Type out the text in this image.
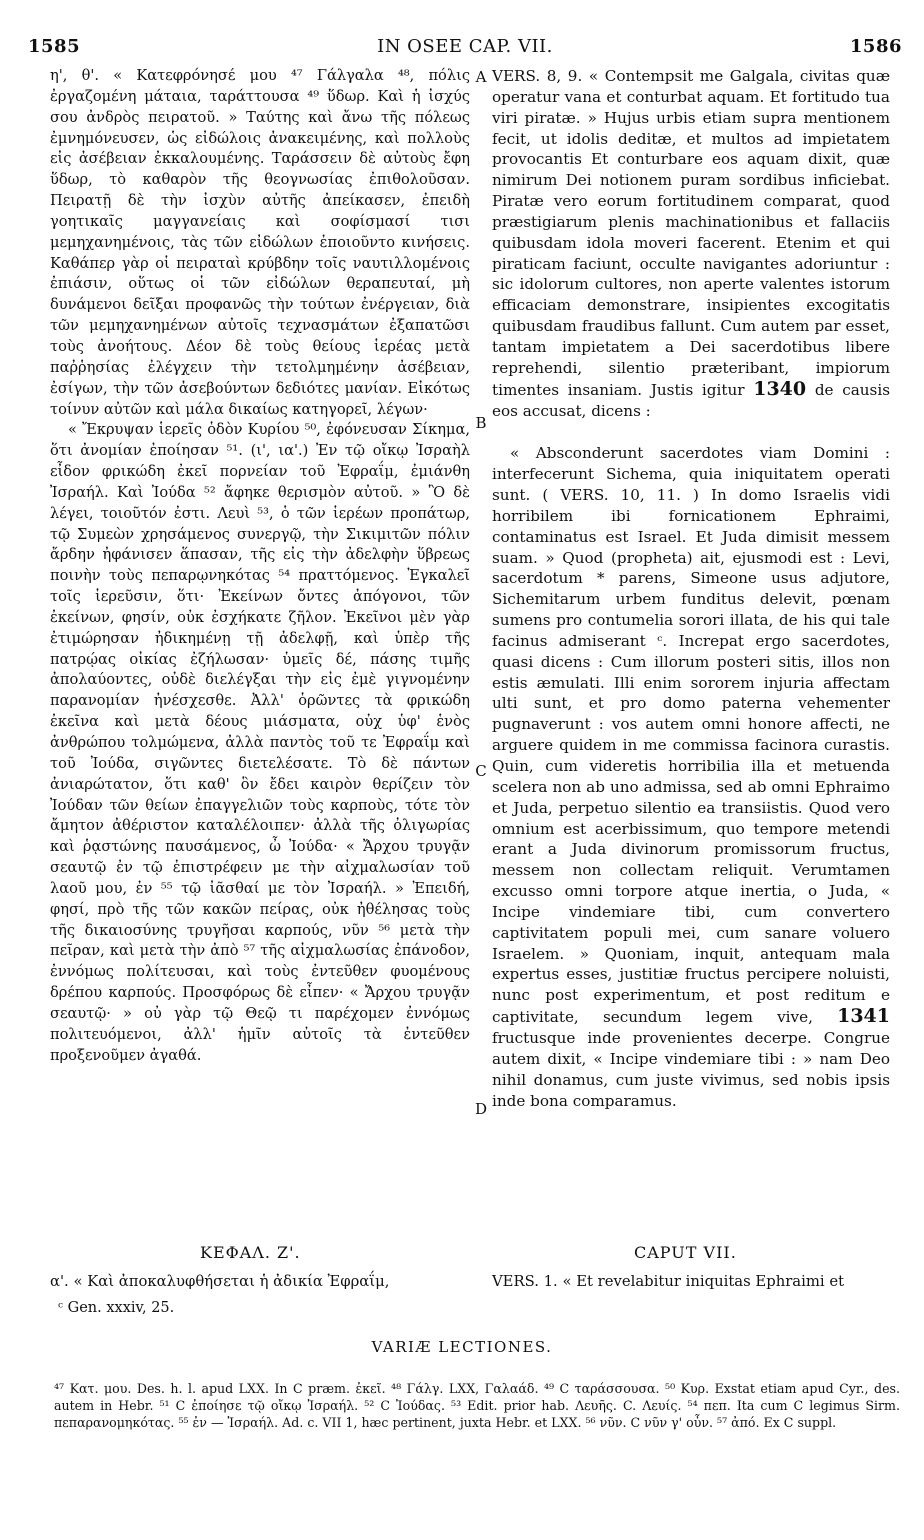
1585	IN OSEE CAP. VII.	1586

η', θ'. « Κατεφρόνησέ μου ⁴⁷ Γάλγαλα ⁴⁸, πόλις ἐργαζομένη μάταια, ταράττουσα ⁴⁹ ὕδωρ. Καὶ ἡ ἰσχύς σου ἀνδρὸς πειρατοῦ. » Ταύτης καὶ ἄνω τῆς πόλεως ἐμνημόνευσεν, ὡς εἰδώλοις ἀνακειμένης, καὶ πολλοὺς εἰς ἀσέβειαν ἐκκαλουμένης. Ταράσσειν δὲ αὐτοὺς ἔφη ὕδωρ, τὸ καθαρὸν τῆς θεογνωσίας ἐπιθολοῦσαν. Πειρατῇ δὲ τὴν ἰσχὺν αὐτῆς ἀπείκασεν, ἐπειδὴ γοητικαῖς μαγγανείαις καὶ σοφίσμασί τισι μεμηχανημένοις, τὰς τῶν εἰδώλων ἐποιοῦντο κινήσεις. Καθάπερ γὰρ οἱ πειραταὶ κρύβδην τοῖς ναυτιλλομένοις ἐπιάσιν, οὕτως οἱ τῶν εἰδώλων θεραπευταί, μὴ δυνάμενοι δεῖξαι προφανῶς τὴν τούτων ἐνέργειαν, διὰ τῶν μεμηχανημένων αὐτοῖς τεχνασμάτων ἐξαπατῶσι τοὺς ἀνοήτους. Δέον δὲ τοὺς θείους ἱερέας μετὰ παῤῥησίας ἐλέγχειν τὴν τετολμημένην ἀσέβειαν, ἐσίγων, τὴν τῶν ἀσεβούντων δεδιότες μανίαν. Εἰκότως τοίνυν αὐτῶν καὶ μάλα δικαίως κατηγορεῖ, λέγων·

« Ἔκρυψαν ἱερεῖς ὁδὸν Κυρίου ⁵⁰, ἐφόνευσαν Σίκημα, ὅτι ἀνομίαν ἐποίησαν ⁵¹. (ι', ια'.) Ἐν τῷ οἴκῳ Ἰσραὴλ εἶδον φρικώδη ἐκεῖ πορνείαν τοῦ Ἐφραΐμ, ἐμιάνθη Ἰσραήλ. Καὶ Ἰούδα ⁵² ἄφηκε θερισμὸν αὐτοῦ. » Ὃ δὲ λέγει, τοιοῦτόν ἐστι. Λευὶ ⁵³, ὁ τῶν ἱερέων προπάτωρ, τῷ Συμεὼν χρησάμενος συνεργῷ, τὴν Σικιμιτῶν πόλιν ἄρδην ἠφάνισεν ἅπασαν, τῆς εἰς τὴν ἀδελφὴν ὕβρεως ποινὴν τοὺς πεπαρῳνηκότας ⁵⁴ πραττόμενος. Ἐγκαλεῖ τοῖς ἱερεῦσιν, ὅτι· Ἐκείνων ὄντες ἀπόγονοι, τῶν ἐκείνων, φησίν, οὐκ ἐσχήκατε ζῆλον. Ἐκεῖνοι μὲν γὰρ ἐτιμώρησαν ἠδικημένῃ τῇ ἀδελφῇ, καὶ ὑπὲρ τῆς πατρῴας οἰκίας ἐζήλωσαν· ὑμεῖς δέ, πάσης τιμῆς ἀπολαύοντες, οὐδὲ διελέγξαι τὴν εἰς ἐμὲ γιγνομένην παρανομίαν ἠνέσχεσθε. Ἀλλ' ὁρῶντες τὰ φρικώδη ἐκεῖνα καὶ μετὰ δέους μιάσματα, οὐχ ὑφ' ἑνὸς ἀνθρώπου τολμώμενα, ἀλλὰ παντὸς τοῦ τε Ἐφραΐμ καὶ τοῦ Ἰούδα, σιγῶντες διετελέσατε. Τὸ δὲ πάντων ἀνιαρώτατον, ὅτι καθ' ὃν ἔδει καιρὸν θερίζειν τὸν Ἰούδαν τῶν θείων ἐπαγγελιῶν τοὺς καρποὺς, τότε τὸν ἄμητον ἀθέριστον καταλέλοιπεν· ἀλλὰ τῆς ὀλιγωρίας καὶ ῥᾳστώνης παυσάμενος, ὦ Ἰούδα· « Ἄρχου τρυγᾷν σεαυτῷ ἐν τῷ ἐπιστρέφειν με τὴν αἰχμαλωσίαν τοῦ λαοῦ μου, ἐν ⁵⁵ τῷ ἰᾶσθαί με τὸν Ἰσραήλ. » Ἐπειδή, φησί, πρὸ τῆς τῶν κακῶν πείρας, οὐκ ἠθέλησας τοὺς τῆς δικαιοσύνης τρυγῆσαι καρπούς, νῦν ⁵⁶ μετὰ τὴν πεῖραν, καὶ μετὰ τὴν ἀπὸ ⁵⁷ τῆς αἰχμαλωσίας ἐπάνοδον, ἐννόμως πολίτευσαι, καὶ τοὺς ἐντεῦθεν φυομένους δρέπου καρπούς. Προσφόρως δὲ εἶπεν· « Ἄρχου τρυγᾷν σεαυτῷ· » οὐ γὰρ τῷ Θεῷ τι παρέχομεν ἐννόμως πολιτευόμενοι, ἀλλ' ἡμῖν αὐτοῖς τὰ ἐντεῦθεν προξενοῦμεν ἀγαθά.

A
B
C
D

VERS. 8, 9. « Contempsit me Galgala, civitas quæ operatur vana et conturbat aquam. Et fortitudo tua viri piratæ. » Hujus urbis etiam supra mentionem fecit, ut idolis deditæ, et multos ad impietatem provocantis Et conturbare eos aquam dixit, quæ nimirum Dei notionem puram sordibus inficiebat. Piratæ vero eorum fortitudinem comparat, quod præstigiarum plenis machinationibus et fallaciis quibusdam idola moveri facerent. Etenim et qui piraticam faciunt, occulte navigantes adoriuntur : sic idolorum cultores, non aperte valentes istorum efficaciam demonstrare, insipientes excogitatis quibusdam fraudibus fallunt. Cum autem par esset, tantam impietatem a Dei sacerdotibus libere reprehendi, silentio præteribant, impiorum timentes insaniam. Justis igitur 1340 de causis eos accusat, dicens :

« Absconderunt sacerdotes viam Domini : interfecerunt Sichema, quia iniquitatem operati sunt. ( VERS. 10, 11. ) In domo Israelis vidi horribilem ibi fornicationem Ephraimi, contaminatus est Israel. Et Juda dimisit messem suam. » Quod (propheta) ait, ejusmodi est : Levi, sacerdotum * parens, Simeone usus adjutore, Sichemitarum urbem funditus delevit, pœnam sumens pro contumelia sorori illata, de his qui tale facinus admiserant ᶜ. Increpat ergo sacerdotes, quasi dicens : Cum illorum posteri sitis, illos non estis æmulati. Illi enim sororem injuria affectam ulti sunt, et pro domo paterna vehementer pugnaverunt : vos autem omni honore affecti, ne arguere quidem in me commissa facinora curastis. Quin, cum videretis horribilia illa et metuenda scelera non ab uno admissa, sed ab omni Ephraimo et Juda, perpetuo silentio ea transiistis. Quod vero omnium est acerbissimum, quo tempore metendi erant a Juda divinorum promissorum fructus, messem non collectam reliquit. Verumtamen excusso omni torpore atque inertia, o Juda, « Incipe vindemiare tibi, cum convertero captivitatem populi mei, cum sanare voluero Israelem. » Quoniam, inquit, antequam mala expertus esses, justitiæ fructus percipere noluisti, nunc post experimentum, et post reditum e captivitate, secundum legem vive, 1341 fructusque inde provenientes decerpe. Congrue autem dixit, « Incipe vindemiare tibi : » nam Deo nihil donamus, cum juste vivimus, sed nobis ipsis inde bona comparamus.

ΚΕΦΑΛ. Ζ'.	CAPUT VII.
α'. « Καὶ ἀποκαλυφθήσεται ἡ ἀδικία Ἐφραΐμ,	VERS. 1. « Et revelabitur iniquitas Ephraimi et
ᶜ Gen. xxxiv, 25.
VARIÆ LECTIONES.

⁴⁷ Κατ. μου. Des. h. l. apud LXX. In C præm. ἐκεῖ. ⁴⁸ Γάλγ. LXX, Γαλαάδ. ⁴⁹ C ταράσσουσα. ⁵⁰ Κυρ. Exstat etiam apud Cyr., des. autem in Hebr. ⁵¹ C ἐποίησε τῷ οἴκῳ Ἰσραήλ. ⁵² C Ἰούδας. ⁵³ Edit. prior hab. Λευῆς. C. Λευίς. ⁵⁴ πεπ. Ita cum C legimus Sirm. πεπαρανομηκότας. ⁵⁵ ἐν — Ἰσραήλ. Ad. c. VII 1, hæc pertinent, juxta Hebr. et LXX. ⁵⁶ νῦν. C νῦν γ' οὖν. ⁵⁷ ἀπό. Ex C suppl.
